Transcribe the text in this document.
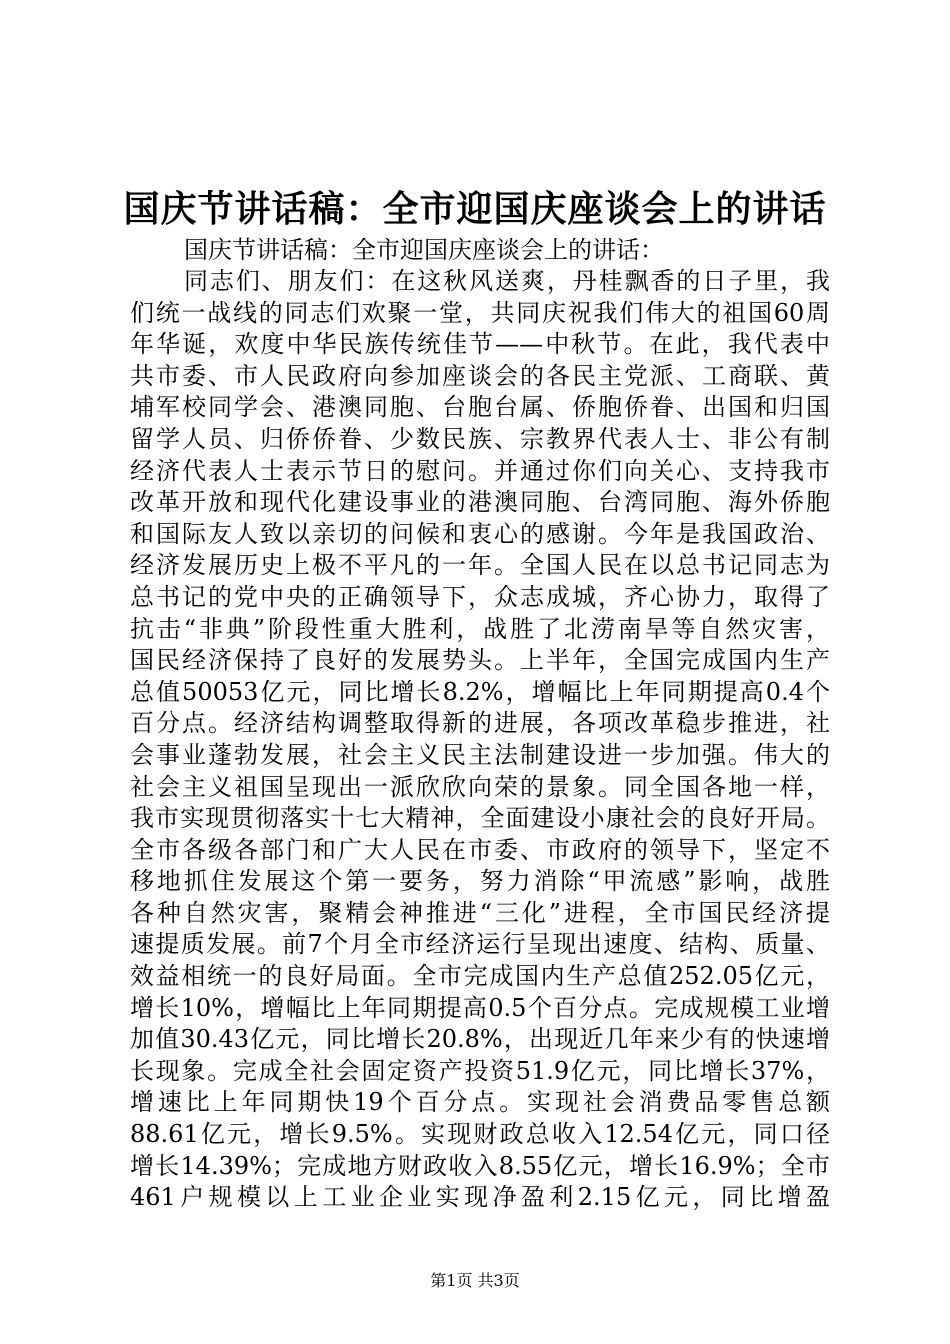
国庆节讲话稿：全市迎国庆座谈会上的讲话
国庆节讲话稿：全市迎国庆座谈会上的讲话：
同志们、朋友们：在这秋风送爽，丹桂飘香的日子里，我
们统一战线的同志们欢聚一堂，共同庆祝我们伟大的祖国60周
年华诞，欢度中华民族传统佳节——中秋节。在此，我代表中
共市委、市人民政府向参加座谈会的各民主党派、工商联、黄
埔军校同学会、港澳同胞、台胞台属、侨胞侨眷、出国和归国
留学人员、归侨侨眷、少数民族、宗教界代表人士、非公有制
经济代表人士表示节日的慰问。并通过你们向关心、支持我市
改革开放和现代化建设事业的港澳同胞、台湾同胞、海外侨胞
和国际友人致以亲切的问候和衷心的感谢。今年是我国政治、
经济发展历史上极不平凡的一年。全国人民在以总书记同志为
总书记的党中央的正确领导下，众志成城，齐心协力，取得了
抗击“非典”阶段性重大胜利，战胜了北涝南旱等自然灾害，
国民经济保持了良好的发展势头。上半年，全国完成国内生产
总值50053亿元，同比增长8.2%，增幅比上年同期提高0.4个
百分点。经济结构调整取得新的进展，各项改革稳步推进，社
会事业蓬勃发展，社会主义民主法制建设进一步加强。伟大的
社会主义祖国呈现出一派欣欣向荣的景象。同全国各地一样，
我市实现贯彻落实十七大精神，全面建设小康社会的良好开局。
全市各级各部门和广大人民在市委、市政府的领导下，坚定不
移地抓住发展这个第一要务，努力消除“甲流感”影响，战胜
各种自然灾害，聚精会神推进“三化”进程，全市国民经济提
速提质发展。前7个月全市经济运行呈现出速度、结构、质量、
效益相统一的良好局面。全市完成国内生产总值252.05亿元，
增长10%，增幅比上年同期提高0.5个百分点。完成规模工业增
加值30.43亿元，同比增长20.8%，出现近几年来少有的快速增
长现象。完成全社会固定资产投资51.9亿元，同比增长37%，
增速比上年同期快19个百分点。实现社会消费品零售总额
88.61亿元，增长9.5%。实现财政总收入12.54亿元，同口径
增长14.39%；完成地方财政收入8.55亿元，增长16.9%；全市
461户规模以上工业企业实现净盈利2.15亿元，同比增盈
第1页 共3页
